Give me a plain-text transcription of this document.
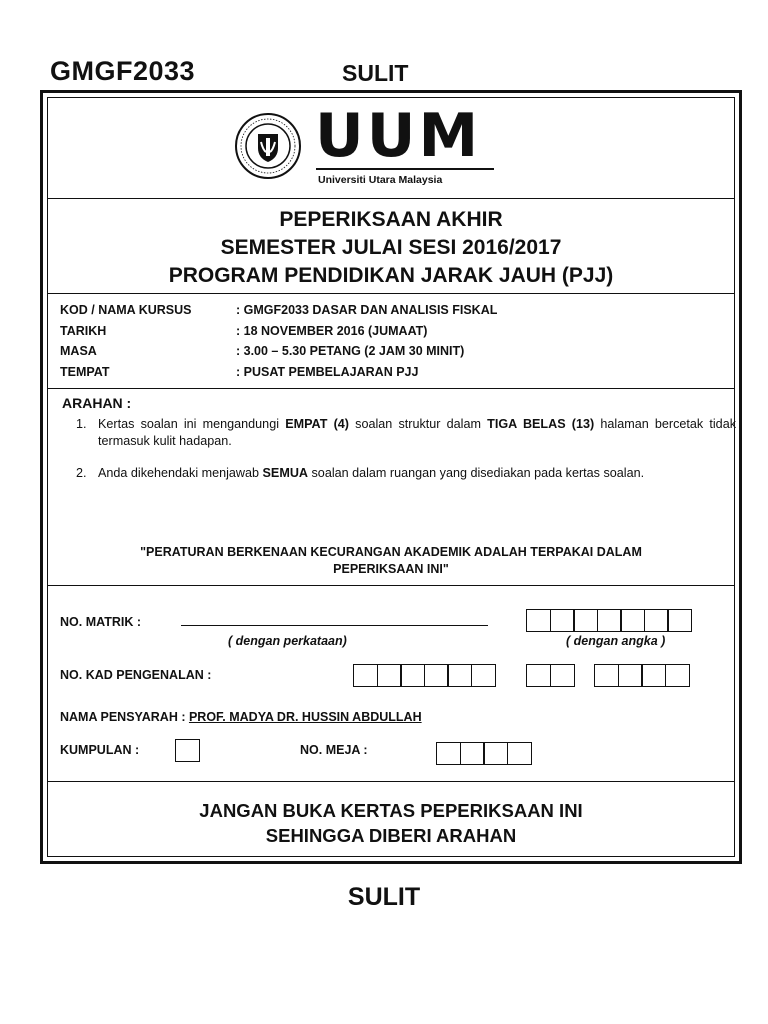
GMGF2033	SULIT
UUM
Universiti Utara Malaysia
PEPERIKSAAN AKHIR
SEMESTER JULAI SESI 2016/2017
PROGRAM PENDIDIKAN JARAK JAUH (PJJ)
KOD / NAMA KURSUS	: GMGF2033 DASAR DAN ANALISIS FISKAL
TARIKH	: 18 NOVEMBER 2016 (JUMAAT)
MASA	: 3.00 – 5.30 PETANG (2 JAM 30 MINIT)
TEMPAT	: PUSAT PEMBELAJARAN PJJ
ARAHAN :
1. Kertas soalan ini mengandungi EMPAT (4) soalan struktur dalam TIGA BELAS (13) halaman bercetak tidak termasuk kulit hadapan.
2. Anda dikehendaki menjawab SEMUA soalan dalam ruangan yang disediakan pada kertas soalan.
"PERATURAN BERKENAAN KECURANGAN AKADEMIK ADALAH TERPAKAI DALAM
PEPERIKSAAN INI"
NO. MATRIK :
( dengan perkataan)	( dengan angka )
NO. KAD PENGENALAN :
NAMA PENSYARAH : PROF. MADYA DR. HUSSIN ABDULLAH
KUMPULAN :	NO. MEJA :
JANGAN BUKA KERTAS PEPERIKSAAN INI
SEHINGGA DIBERI ARAHAN
SULIT
